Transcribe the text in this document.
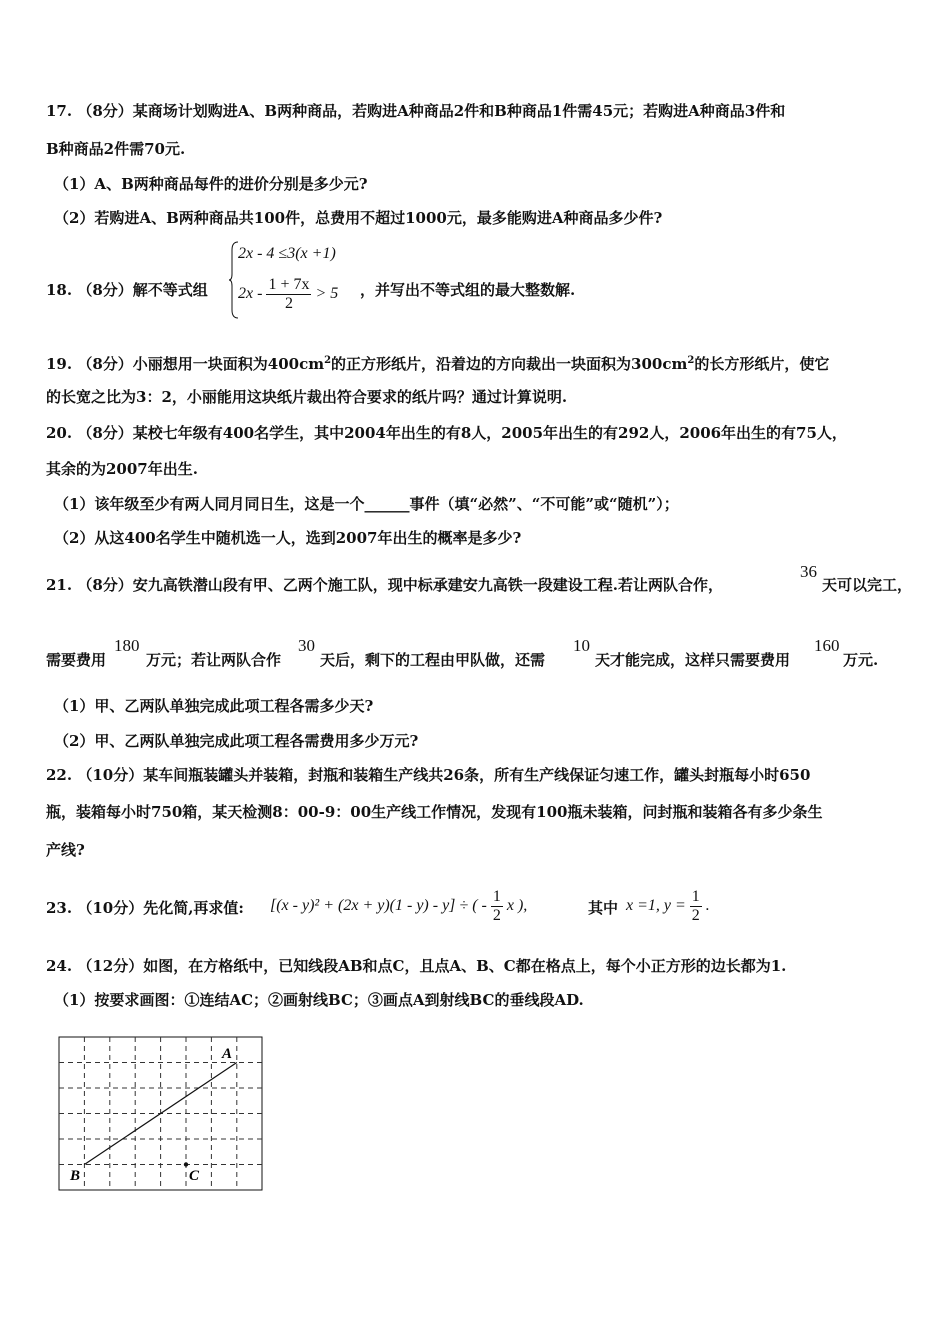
17. （8分）某商场计划购进A、B两种商品，若购进A种商品2件和B种商品1件需45元；若购进A种商品3件和
B种商品2件需70元.
（1）A、B两种商品每件的进价分别是多少元?
（2）若购进A、B两种商品共100件，总费用不超过1000元，最多能购进A种商品多少件?
18. （8分）解不等式组
2x - 4 ≤3(x +1)
$2x - \frac{1 + 7x}{2} > 5$ ，并写出不等式组的最大整数解.
19. （8分）小丽想用一块面积为$400cm^2$的正方形纸片，沿着边的方向裁出一块面积为$300cm^2$的长方形纸片，使它
的长宽之比为3：2，小丽能用这块纸片裁出符合要求的纸片吗？通过计算说明.
20. （8分）某校七年级有400名学生，其中2004年出生的有8人，2005年出生的有292人，2006年出生的有75人，
其余的为2007年出生.
（1）该年级至少有两人同月同日生，这是一个______事件（填“必然”、“不可能”或“随机”）；
（2）从这400名学生中随机选一人，选到2007年出生的概率是多少?
21. （8分）安九高铁潜山段有甲、乙两个施工队，现中标承建安九高铁一段建设工程.若让两队合作，
36
天可以完工，
需要费用
180
万元；若让两队合作
30
天后，剩下的工程由甲队做，还需
10
天才能完成，这样只需要费用
160
万元.
（1）甲、乙两队单独完成此项工程各需多少天?
（2）甲、乙两队单独完成此项工程各需费用多少万元?
22. （10分）某车间瓶装罐头并装箱，封瓶和装箱生产线共26条，所有生产线保证匀速工作，罐头封瓶每小时650
瓶，装箱每小时750箱，某天检测8：00-9：00生产线工作情况，发现有100瓶未装箱，问封瓶和装箱各有多少条生
产线?
23. （10分）先化简,再求值: [(x - y)² + (2x + y)(1 - y) - y] ÷ ( - $\frac{1}{2}$ x ),	其中 x =1, $y = \frac{1}{2}$ .
24. （12分）如图，在方格纸中，已知线段AB和点C，且点A、B、C都在格点上，每个小正方形的边长都为1.
（1）按要求画图：①连结AC；②画射线BC；③画点A到射线BC的垂线段AD.
A
B	C
